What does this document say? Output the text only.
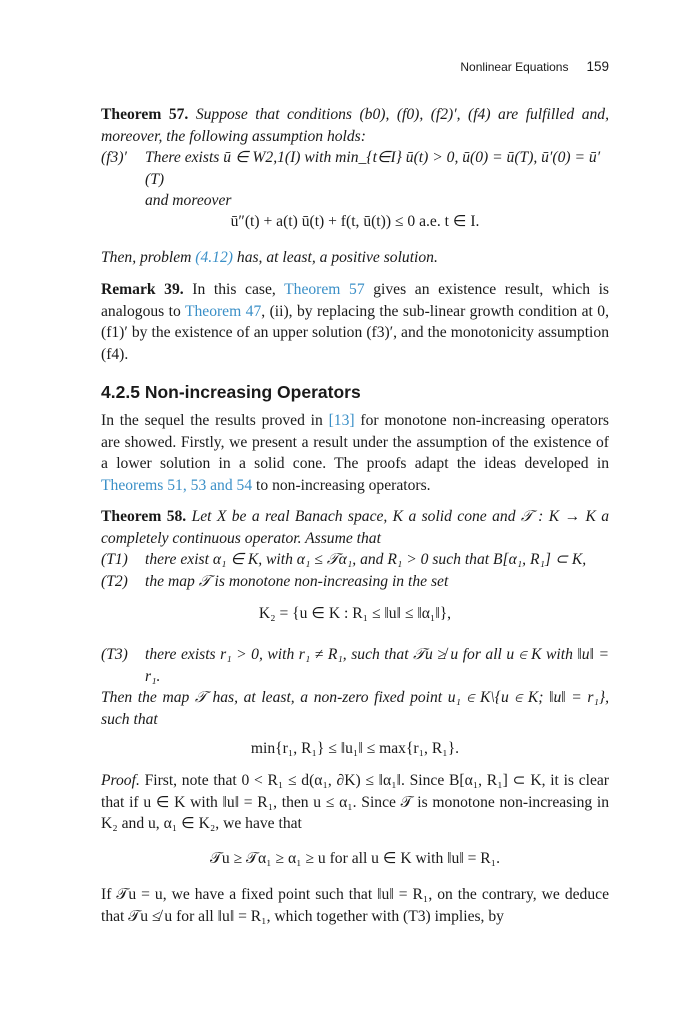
Nonlinear Equations 159

Theorem 57. Suppose that conditions (b0), (f0), (f2)′, (f4) are fulfilled and, moreover, the following assumption holds:

(f3)′	There exists ū ∈ W2,1(I) with min_{t∈I} ū(t) > 0, ū(0) = ū(T), ū′(0) = ū′(T)

and moreover

ū″(t) + a(t) ū(t) + f(t, ū(t)) ≤ 0 a.e. t ∈ I.

Then, problem (4.12) has, at least, a positive solution.

Remark 39. In this case, Theorem 57 gives an existence result, which is analogous to Theorem 47, (ii), by replacing the sub-linear growth condition at 0, (f1)′ by the existence of an upper solution (f3)′, and the monotonicity assumption (f4).

4.2.5 Non-increasing Operators

In the sequel the results proved in [13] for monotone non-increasing operators are showed. Firstly, we present a result under the assumption of the existence of a lower solution in a solid cone. The proofs adapt the ideas developed in Theorems 51, 53 and 54 to non-increasing operators.

Theorem 58. Let X be a real Banach space, K a solid cone and 𝒯 : K → K a completely continuous operator. Assume that

(T1)	there exist α₁ ∈ K, with α₁ ≤ 𝒯α₁, and R₁ > 0 such that B[α₁, R₁] ⊂ K,

(T2)	the map 𝒯 is monotone non-increasing in the set

K₂ = {u ∈ K : R₁ ≤ ‖u‖ ≤ ‖α₁‖},
(T3)	there exists r₁ > 0, with r₁ ≠ R₁, such that 𝒯u ≱ u for all u ∈ K with ‖u‖ = r₁.

Then the map 𝒯 has, at least, a non-zero fixed point u₁ ∈ K\{u ∈ K; ‖u‖ = r₁}, such that

min{r₁, R₁} ≤ ‖u₁‖ ≤ max{r₁, R₁}.

Proof. First, note that 0 < R₁ ≤ d(α₁, ∂K) ≤ ‖α₁‖. Since B[α₁, R₁] ⊂ K, it is clear that if u ∈ K with ‖u‖ = R₁, then u ≤ α₁. Since 𝒯 is monotone non-increasing in K₂ and u, α₁ ∈ K₂, we have that

𝒯u ≥ 𝒯α₁ ≥ α₁ ≥ u for all u ∈ K with ‖u‖ = R₁.

If 𝒯u = u, we have a fixed point such that ‖u‖ = R₁, on the contrary, we deduce that 𝒯u ≰ u for all ‖u‖ = R₁, which together with (T3) implies, by
